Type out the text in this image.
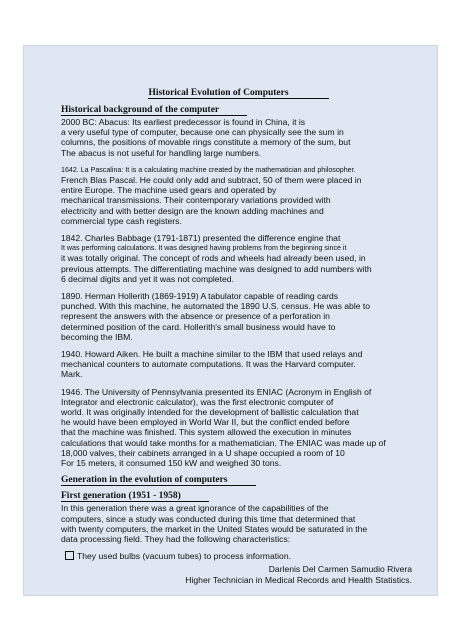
Historical Evolution of Computers
Historical background of the computer

2000 BC: Abacus: Its earliest predecessor is found in China, it is
a very useful type of computer, because one can physically see the sum in
columns, the positions of movable rings constitute a memory of the sum, but
The abacus is not useful for handling large numbers.

1642. La Pascalina: It is a calculating machine created by the mathematician and philosopher.
French Blas Pascal. He could only add and subtract, 50 of them were placed in
entire Europe. The machine used gears and operated by
mechanical transmissions. Their contemporary variations provided with
electricity and with better design are the known adding machines and
commercial type cash registers.

1842. Charles Babbage (1791-1871) presented the difference engine that
It was performing calculations. It was designed having problems from the beginning since it
it was totally original. The concept of rods and wheels had already been used, in
previous attempts. The differentiating machine was designed to add numbers with
6 decimal digits and yet it was not completed.

1890. Herman Hollerith (1869-1919) A tabulator capable of reading cards
punched. With this machine, he automated the 1890 U.S. census. He was able to
represent the answers with the absence or presence of a perforation in
determined position of the card. Hollerith's small business would have to
becoming the IBM.

1940. Howard Aiken. He built a machine similar to the IBM that used relays and
mechanical counters to automate computations. It was the Harvard computer.
Mark.

1946. The University of Pennsylvania presented its ENIAC (Acronym in English of
Integrator and electronic calculator), was the first electronic computer of
world. It was originally intended for the development of ballistic calculation that
he would have been employed in World War II, but the conflict ended before
that the machine was finished. This system allowed the execution in minutes
calculations that would take months for a mathematician. The ENIAC was made up of
18,000 valves, their cabinets arranged in a U shape occupied a room of 10
For 15 meters, it consumed 150 kW and weighed 30 tons.

Generation in the evolution of computers
First generation (1951 - 1958)

In this generation there was a great ignorance of the capabilities of the
computers, since a study was conducted during this time that determined that
with twenty computers, the market in the United States would be saturated in the
data processing field. They had the following characteristics:

They used bulbs (vacuum tubes) to process information.
Darlenis Del Carmen Samudio Rivera
Higher Technician in Medical Records and Health Statistics.
